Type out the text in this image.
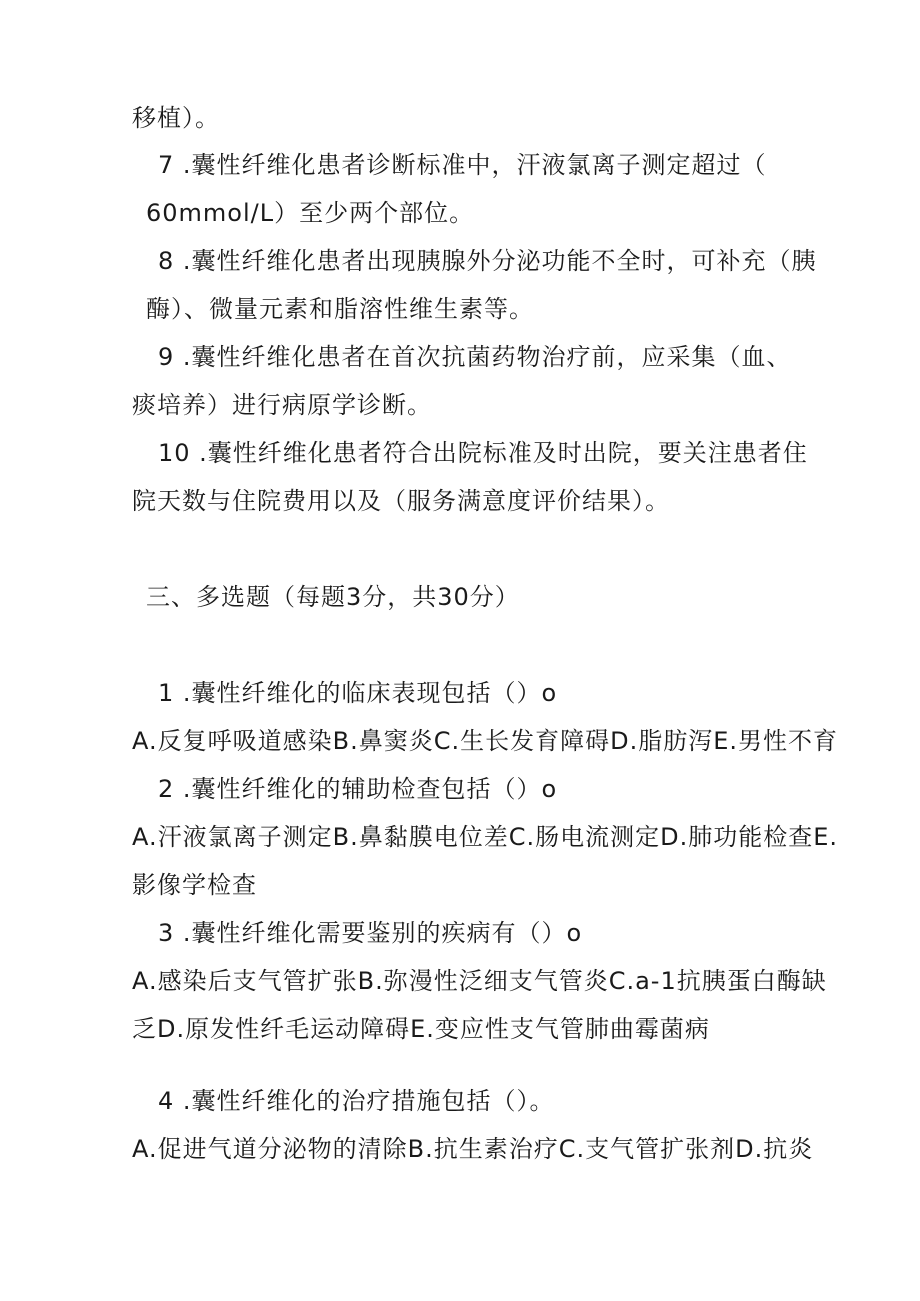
移植）。
7 .囊性纤维化患者诊断标准中，汗液氯离子测定超过（
60mmol/L）至少两个部位。
8 .囊性纤维化患者出现胰腺外分泌功能不全时，可补充（胰
酶）、微量元素和脂溶性维生素等。
9 .囊性纤维化患者在首次抗菌药物治疗前，应采集（血、
痰培养）进行病原学诊断。
10 .囊性纤维化患者符合出院标准及时出院，要关注患者住
院天数与住院费用以及（服务满意度评价结果）。
三、多选题（每题3分，共30分）
1 .囊性纤维化的临床表现包括（）o
A.反复呼吸道感染B.鼻窦炎C.生长发育障碍D.脂肪泻E.男性不育
2 .囊性纤维化的辅助检查包括（）o
A.汗液氯离子测定B.鼻黏膜电位差C.肠电流测定D.肺功能检查E.
影像学检查
3 .囊性纤维化需要鉴别的疾病有（）o
A.感染后支气管扩张B.弥漫性泛细支气管炎C.a-1抗胰蛋白酶缺
乏D.原发性纤毛运动障碍E.变应性支气管肺曲霉菌病
4 .囊性纤维化的治疗措施包括（）。
A.促进气道分泌物的清除B.抗生素治疗C.支气管扩张剂D.抗炎
